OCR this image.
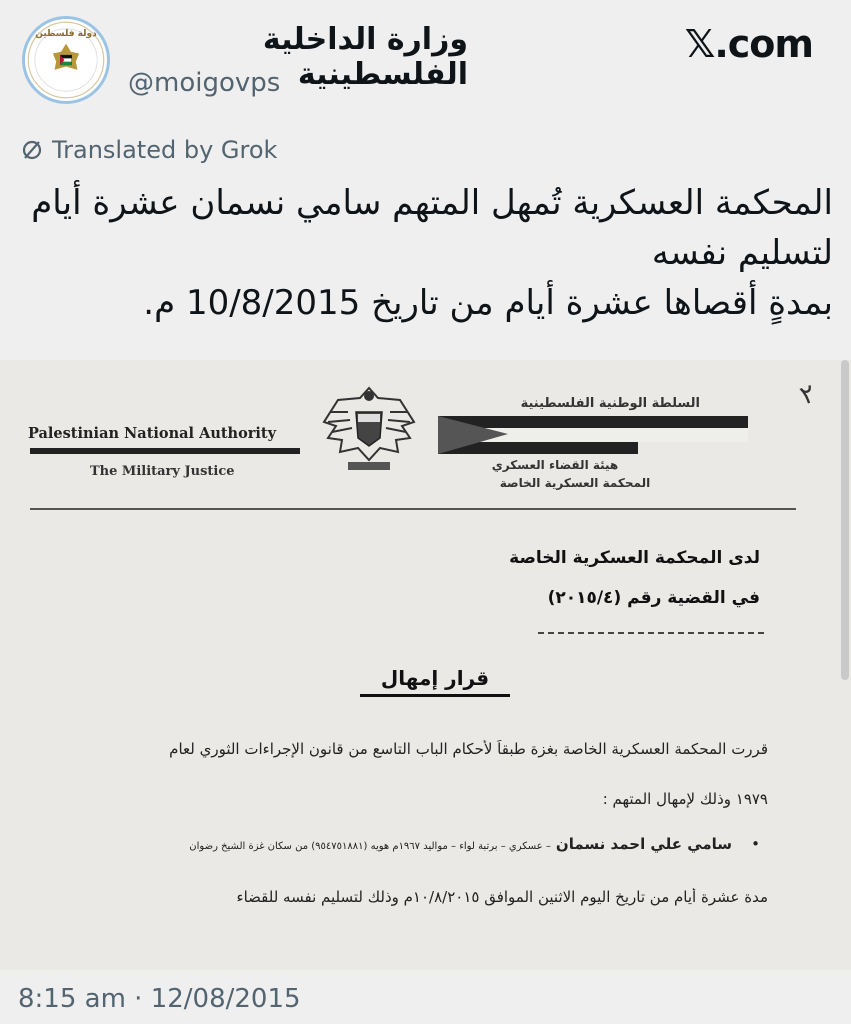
دولة فلسطين	وزارة الداخلية الفلسطينية
@moigovps
𝕏.com
Translated by Grok
المحكمة العسكرية تُمهل المتهم سامي نسمان عشرة أيام
لتسليم نفسه
بمدةٍ أقصاها عشرة أيام من تاريخ 10/8/2015 م.
٢
Palestinian National Authority
The Military Justice
السلطة الوطنية الفلسطينية
هيئة القضاء العسكري
المحكمة العسكرية الخاصة
لدى المحكمة العسكرية الخاصة
في القضية رقم (٢٠١٥/٤)
قرار إمهال
قررت المحكمة العسكرية الخاصة بغزة طبقاً لأحكام الباب التاسع من قانون الإجراءات الثوري لعام
١٩٧٩ وذلك لإمهال المتهم :
• سامي علي احمد نسمان – عسكري – برتبة لواء – مواليد ١٩٦٧م هويه (٩٥٤٧٥١٨٨١) من سكان غزة الشيخ رضوان
مدة عشرة أيام من تاريخ اليوم الاثنين الموافق ١٠/٨/٢٠١٥م وذلك لتسليم نفسه للقضاء
8:15 am · 12/08/2015
